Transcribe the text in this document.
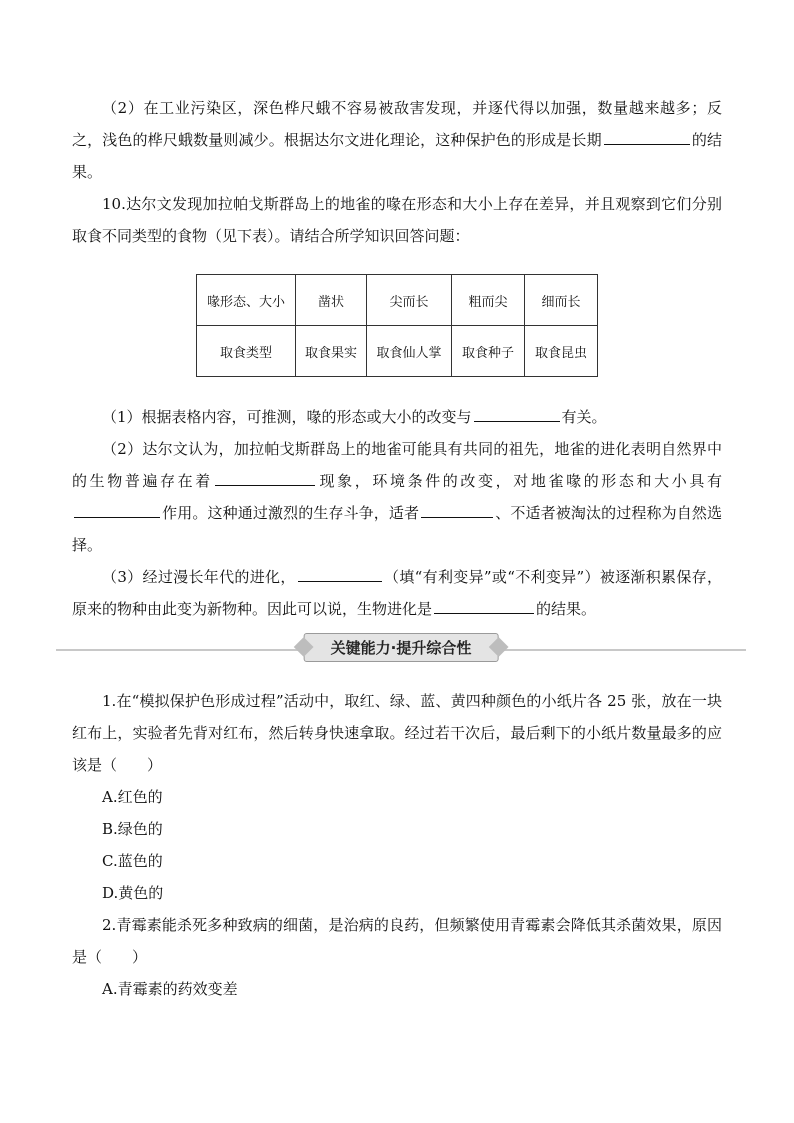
（2）在工业污染区，深色桦尺蛾不容易被敌害发现，并逐代得以加强，数量越来越多；反之，浅色的桦尺蛾数量则减少。根据达尔文进化理论，这种保护色的形成是长期	的结果。

10.达尔文发现加拉帕戈斯群岛上的地雀的喙在形态和大小上存在差异，并且观察到它们分别取食不同类型的食物（见下表）。请结合所学知识回答问题：

喙形态、大小	凿状	尖而长	粗而尖	细而长
取食类型	取食果实	取食仙人掌	取食种子	取食昆虫

（1）根据表格内容，可推测，喙的形态或大小的改变与	有关。

（2）达尔文认为，加拉帕戈斯群岛上的地雀可能具有共同的祖先，地雀的进化表明自然界中的生物普遍存在着	现象，环境条件的改变，对地雀喙的形态和大小具有作用。这种通过激烈的生存斗争，适者	、不适者被淘汰的过程称为自然选择。

（3）经过漫长年代的进化，	（填“有利变异”或“不利变异”）被逐渐积累保存，原来的物种由此变为新物种。因此可以说，生物进化是	的结果。

关键能力·提升综合性

1.在“模拟保护色形成过程”活动中，取红、绿、蓝、黄四种颜色的小纸片各 25 张，放在一块红布上，实验者先背对红布，然后转身快速拿取。经过若干次后，最后剩下的小纸片数量最多的应该是（　　）

A.红色的
B.绿色的
C.蓝色的
D.黄色的

2.青霉素能杀死多种致病的细菌，是治病的良药，但频繁使用青霉素会降低其杀菌效果，原因是（　　）

A.青霉素的药效变差
